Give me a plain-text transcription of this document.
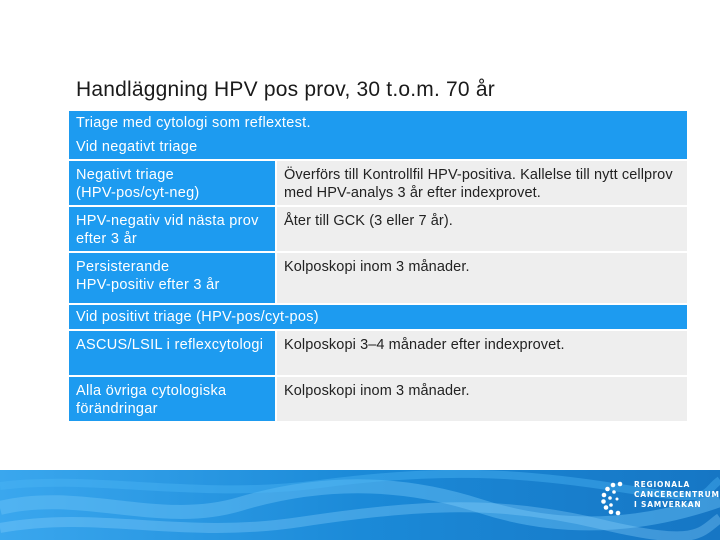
Handläggning HPV pos prov, 30 t.o.m. 70 år
Triage med cytologi som reflextest.
Vid negativt triage
Negativt triage
(HPV-pos/cyt-neg)
Överförs till Kontrollfil HPV-positiva. Kallelse till nytt cellprov med HPV-analys 3 år efter indexprovet.
HPV-negativ vid nästa prov efter 3 år
Åter till GCK (3 eller 7 år).
Persisterande
HPV-positiv efter 3 år
Kolposkopi inom 3 månader.
Vid positivt triage (HPV-pos/cyt-pos)
ASCUS/LSIL i reflexcytologi	Kolposkopi 3–4 månader efter indexprovet.
Alla övriga cytologiska förändringar
Kolposkopi inom 3 månader.
REGIONALA
CANCERCENTRUM
I SAMVERKAN
